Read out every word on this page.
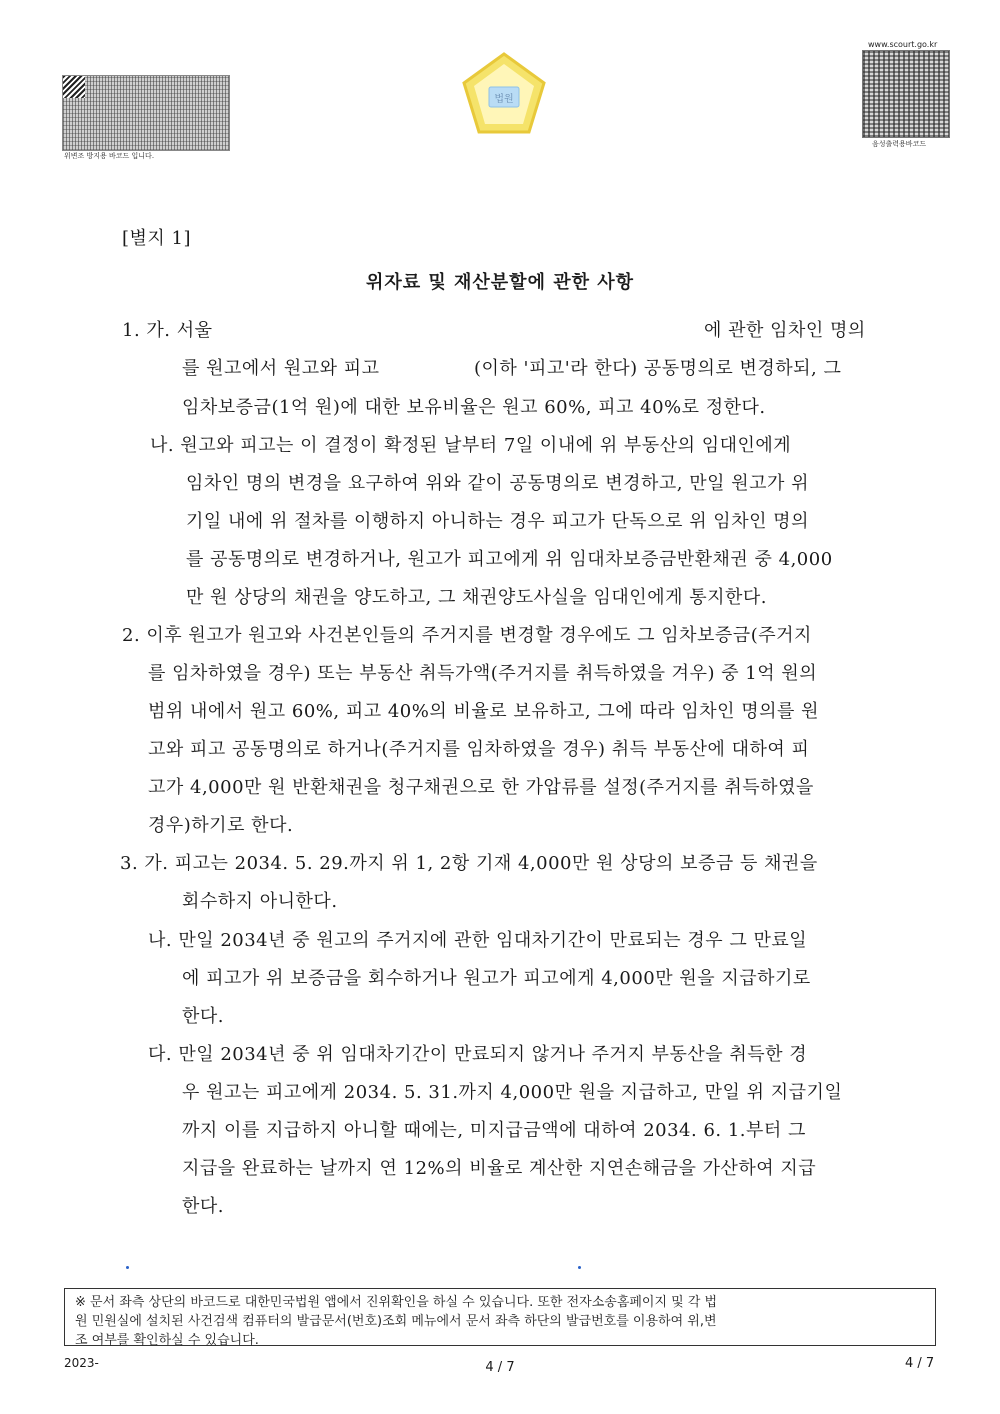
위변조 방지용 바코드 입니다.
법원
www.scourt.go.kr
음성출력용바코드
[별지 1]
위자료 및 재산분할에 관한 사항
1. 가. 서울	에 관한 임차인 명의
를 원고에서 원고와 피고	(이하 '피고'라 한다) 공동명의로 변경하되, 그
임차보증금(1억 원)에 대한 보유비율은 원고 60%, 피고 40%로 정한다.
나. 원고와 피고는 이 결정이 확정된 날부터 7일 이내에 위 부동산의 임대인에게
임차인 명의 변경을 요구하여 위와 같이 공동명의로 변경하고, 만일 원고가 위
기일 내에 위 절차를 이행하지 아니하는 경우 피고가 단독으로 위 임차인 명의
를 공동명의로 변경하거나, 원고가 피고에게 위 임대차보증금반환채권 중 4,000
만 원 상당의 채권을 양도하고, 그 채권양도사실을 임대인에게 통지한다.
2. 이후 원고가 원고와 사건본인들의 주거지를 변경할 경우에도 그 임차보증금(주거지
를 임차하였을 경우) 또는 부동산 취득가액(주거지를 취득하였을 겨우) 중 1억 원의
범위 내에서 원고 60%, 피고 40%의 비율로 보유하고, 그에 따라 임차인 명의를 원
고와 피고 공동명의로 하거나(주거지를 임차하였을 경우) 취득 부동산에 대하여 피
고가 4,000만 원 반환채권을 청구채권으로 한 가압류를 설정(주거지를 취득하였을
경우)하기로 한다.
3. 가. 피고는 2034. 5. 29.까지 위 1, 2항 기재 4,000만 원 상당의 보증금 등 채권을
회수하지 아니한다.
나. 만일 2034년 중 원고의 주거지에 관한 임대차기간이 만료되는 경우 그 만료일
에 피고가 위 보증금을 회수하거나 원고가 피고에게 4,000만 원을 지급하기로
한다.
다. 만일 2034년 중 위 임대차기간이 만료되지 않거나 주거지 부동산을 취득한 경
우 원고는 피고에게 2034. 5. 31.까지 4,000만 원을 지급하고, 만일 위 지급기일
까지 이를 지급하지 아니할 때에는, 미지급금액에 대하여 2034. 6. 1.부터 그
지급을 완료하는 날까지 연 12%의 비율로 계산한 지연손해금을 가산하여 지급
한다.
※ 문서 좌측 상단의 바코드로 대한민국법원 앱에서 진위확인을 하실 수 있습니다. 또한 전자소송홈페이지 및 각 법
원 민원실에 설치된 사건검색 컴퓨터의 발급문서(번호)조회 메뉴에서 문서 좌측 하단의 발급번호를 이용하여 위,변
조 여부를 확인하실 수 있습니다.
2023-	4 / 7	4 / 7
